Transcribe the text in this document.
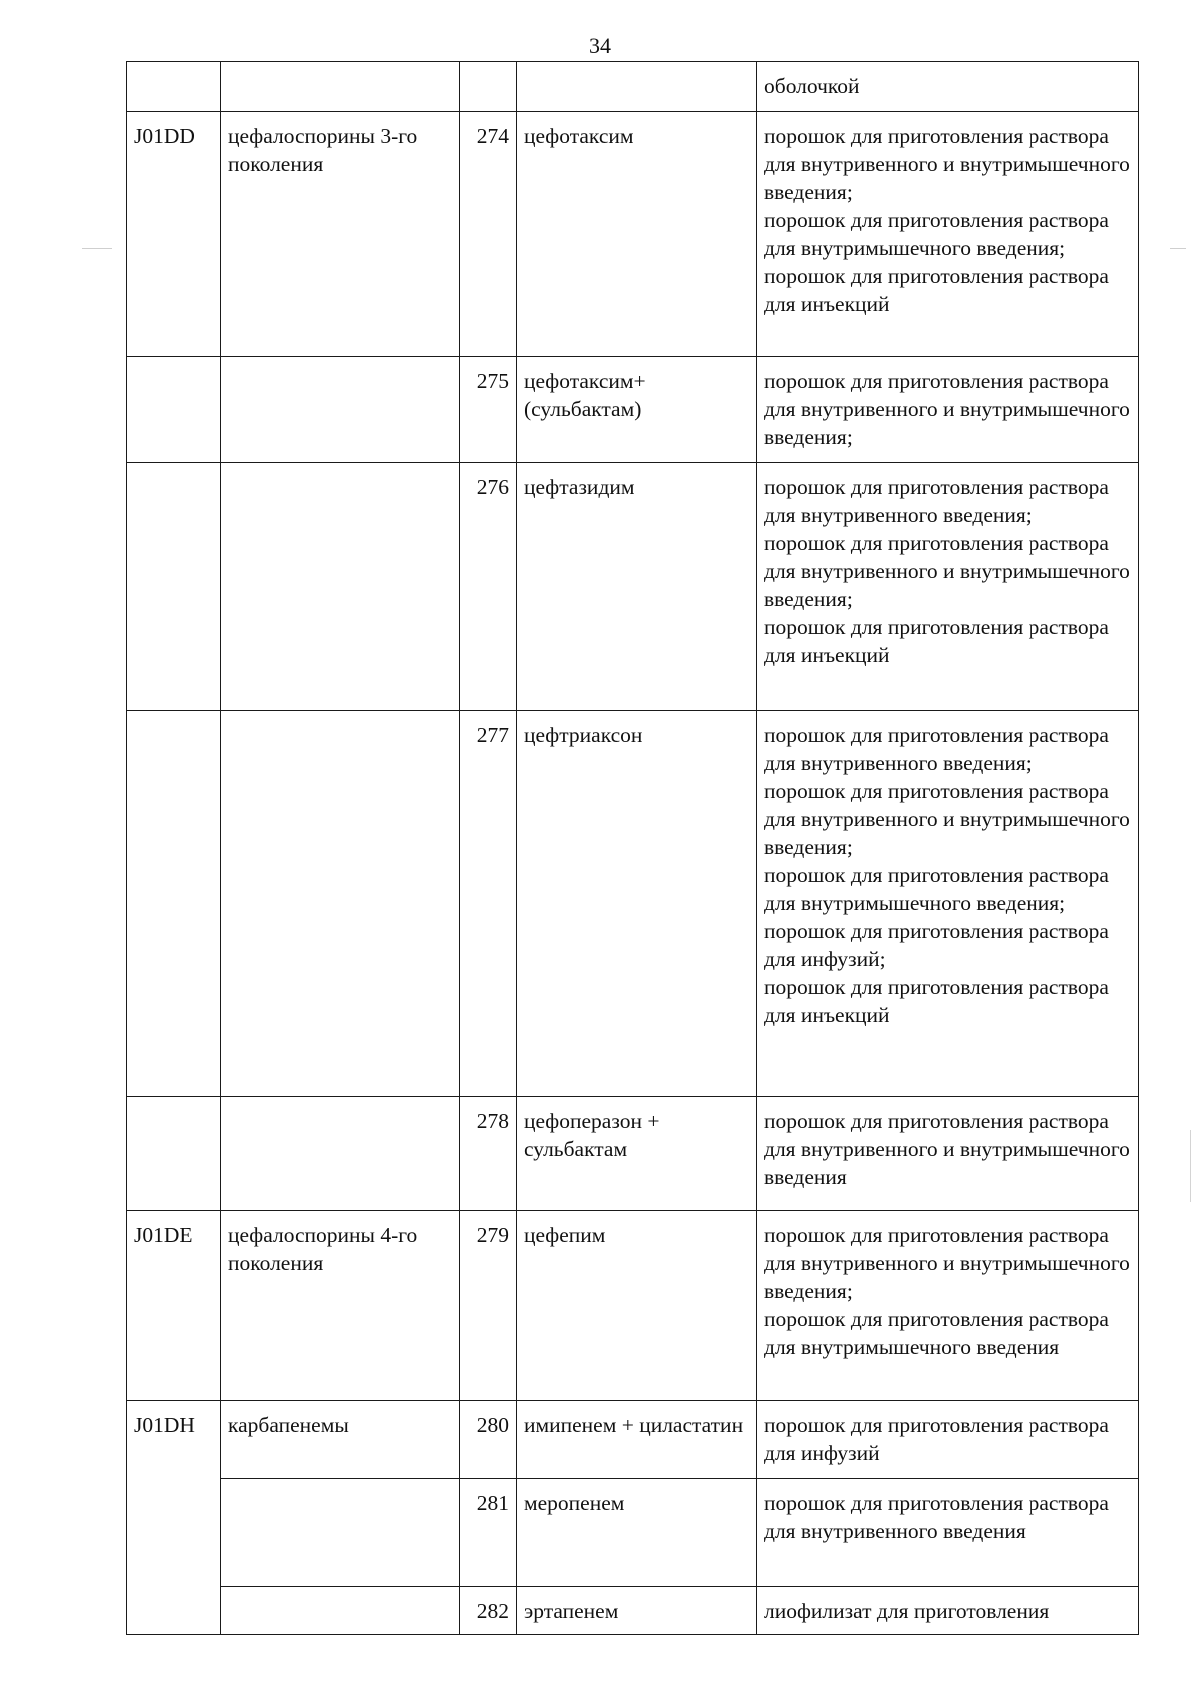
34
				оболочкой
J01DD	цефалоспорины 3-го поколения	274	цефотаксим	порошок для приготовления раствора для внутривенного и внутримышечного введения;
порошок для приготовления раствора для внутримышечного введения;
порошок для приготовления раствора для инъекций
		275	цефотаксим+ (сульбактам)	порошок для приготовления раствора для внутривенного и внутримышечного введения;
		276	цефтазидим	порошок для приготовления раствора для внутривенного введения;
порошок для приготовления раствора для внутривенного и внутримышечного введения;
порошок для приготовления раствора для инъекций
		277	цефтриаксон	порошок для приготовления раствора для внутривенного введения;
порошок для приготовления раствора для внутривенного и внутримышечного введения;
порошок для приготовления раствора для внутримышечного введения;
порошок для приготовления раствора для инфузий;
порошок для приготовления раствора для инъекций
		278	цефоперазон + сульбактам	порошок для приготовления раствора для внутривенного и внутримышечного введения
J01DE	цефалоспорины 4-го поколения	279	цефепим	порошок для приготовления раствора для внутривенного и внутримышечного введения;
порошок для приготовления раствора для внутримышечного введения
J01DH	карбапенемы	280	имипенем + циластатин	порошок для приготовления раствора для инфузий
		281	меропенем	порошок для приготовления раствора для внутривенного введения
		282	эртапенем	лиофилизат для приготовления
